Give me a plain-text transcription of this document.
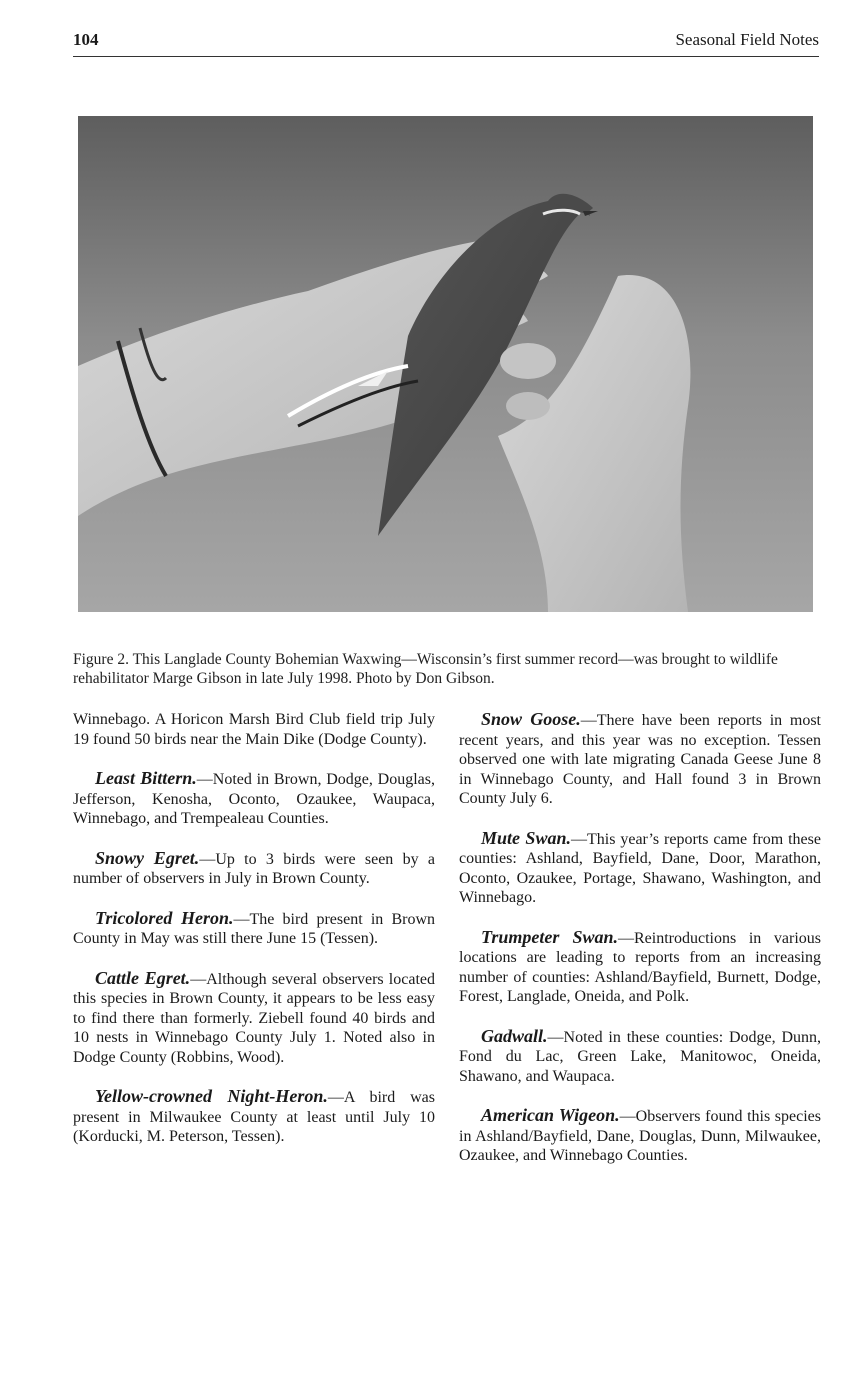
104	Seasonal Field Notes
Figure 2. This Langlade County Bohemian Waxwing—Wisconsin’s first summer record—was brought to wildlife rehabilitator Marge Gibson in late July 1998. Photo by Don Gibson.

Winnebago. A Horicon Marsh Bird Club field trip July 19 found 50 birds near the Main Dike (Dodge County).

Least Bittern.—Noted in Brown, Dodge, Douglas, Jefferson, Kenosha, Oconto, Ozaukee, Waupaca, Winnebago, and Trempealeau Counties.

Snowy Egret.—Up to 3 birds were seen by a number of observers in July in Brown County.

Tricolored Heron.—The bird present in Brown County in May was still there June 15 (Tessen).

Cattle Egret.—Although several observers located this species in Brown County, it appears to be less easy to find there than formerly. Ziebell found 40 birds and 10 nests in Winnebago County July 1. Noted also in Dodge County (Robbins, Wood).

Yellow-crowned Night-Heron.—A bird was present in Milwaukee County at least until July 10 (Korducki, M. Peterson, Tessen).

Snow Goose.—There have been reports in most recent years, and this year was no exception. Tessen observed one with late migrating Canada Geese June 8 in Winnebago County, and Hall found 3 in Brown County July 6.

Mute Swan.—This year’s reports came from these counties: Ashland, Bayfield, Dane, Door, Marathon, Oconto, Ozaukee, Portage, Shawano, Washington, and Winnebago.

Trumpeter Swan.—Reintroductions in various locations are leading to reports from an increasing number of counties: Ashland/Bayfield, Burnett, Dodge, Forest, Langlade, Oneida, and Polk.

Gadwall.—Noted in these counties: Dodge, Dunn, Fond du Lac, Green Lake, Manitowoc, Oneida, Shawano, and Waupaca.

American Wigeon.—Observers found this species in Ashland/Bayfield, Dane, Douglas, Dunn, Milwaukee, Ozaukee, and Winnebago Counties.
